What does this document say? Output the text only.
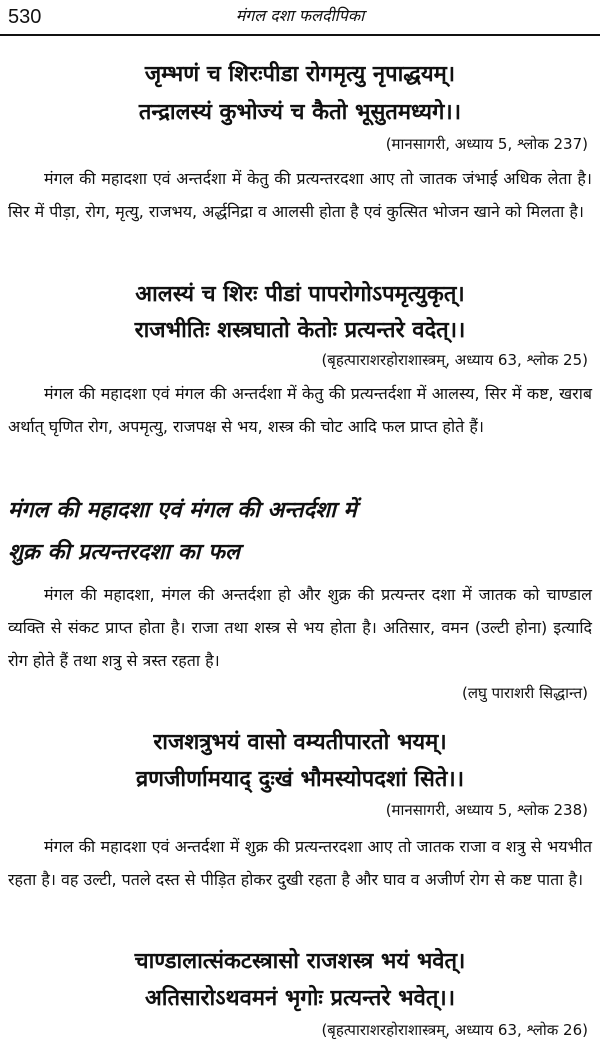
530	मंगल दशा फलदीपिका
जृम्भणं च शिरःपीडा रोगमृत्यु नृपाद्धयम्।
तन्द्रालस्यं कुभोज्यं च कैतो भूसुतमध्यगे।।
(मानसागरी, अध्याय 5, श्लोक 237)

मंगल की महादशा एवं अन्तर्दशा में केतु की प्रत्यन्तरदशा आए तो जातक जंभाई अधिक लेता है। सिर में पीड़ा, रोग, मृत्यु, राजभय, अर्द्धनिद्रा व आलसी होता है एवं कुत्सित भोजन खाने को मिलता है।

आलस्यं च शिरः पीडां पापरोगोऽपमृत्युकृत्।
राजभीतिः शस्त्रघातो केतोः प्रत्यन्तरे वदेत्।।
(बृहत्पाराशरहोराशास्त्रम्, अध्याय 63, श्लोक 25)

मंगल की महादशा एवं मंगल की अन्तर्दशा में केतु की प्रत्यन्तर्दशा में आलस्य, सिर में कष्ट, खराब अर्थात् घृणित रोग, अपमृत्यु, राजपक्ष से भय, शस्त्र की चोट आदि फल प्राप्त होते हैं।

मंगल की महादशा एवं मंगल की अन्तर्दशा में
शुक्र की प्रत्यन्तरदशा का फल

मंगल की महादशा, मंगल की अन्तर्दशा हो और शुक्र की प्रत्यन्तर दशा में जातक को चाण्डाल व्यक्ति से संकट प्राप्त होता है। राजा तथा शस्त्र से भय होता है। अतिसार, वमन (उल्टी होना) इत्यादि रोग होते हैं तथा शत्रु से त्रस्त रहता है।

(लघु पाराशरी सिद्धान्त)
राजशत्रुभयं वासो वम्यतीपारतो भयम्।
व्रणजीर्णामयाद् दुःखं भौमस्योपदशां सिते।।
(मानसागरी, अध्याय 5, श्लोक 238)

मंगल की महादशा एवं अन्तर्दशा में शुक्र की प्रत्यन्तरदशा आए तो जातक राजा व शत्रु से भयभीत रहता है। वह उल्टी, पतले दस्त से पीड़ित होकर दुखी रहता है और घाव व अजीर्ण रोग से कष्ट पाता है।

चाण्डालात्संकटस्त्रासो राजशस्त्र भयं भवेत्।
अतिसारोऽथवमनं भृगोः प्रत्यन्तरे भवेत्।।
(बृहत्पाराशरहोराशास्त्रम्, अध्याय 63, श्लोक 26)
